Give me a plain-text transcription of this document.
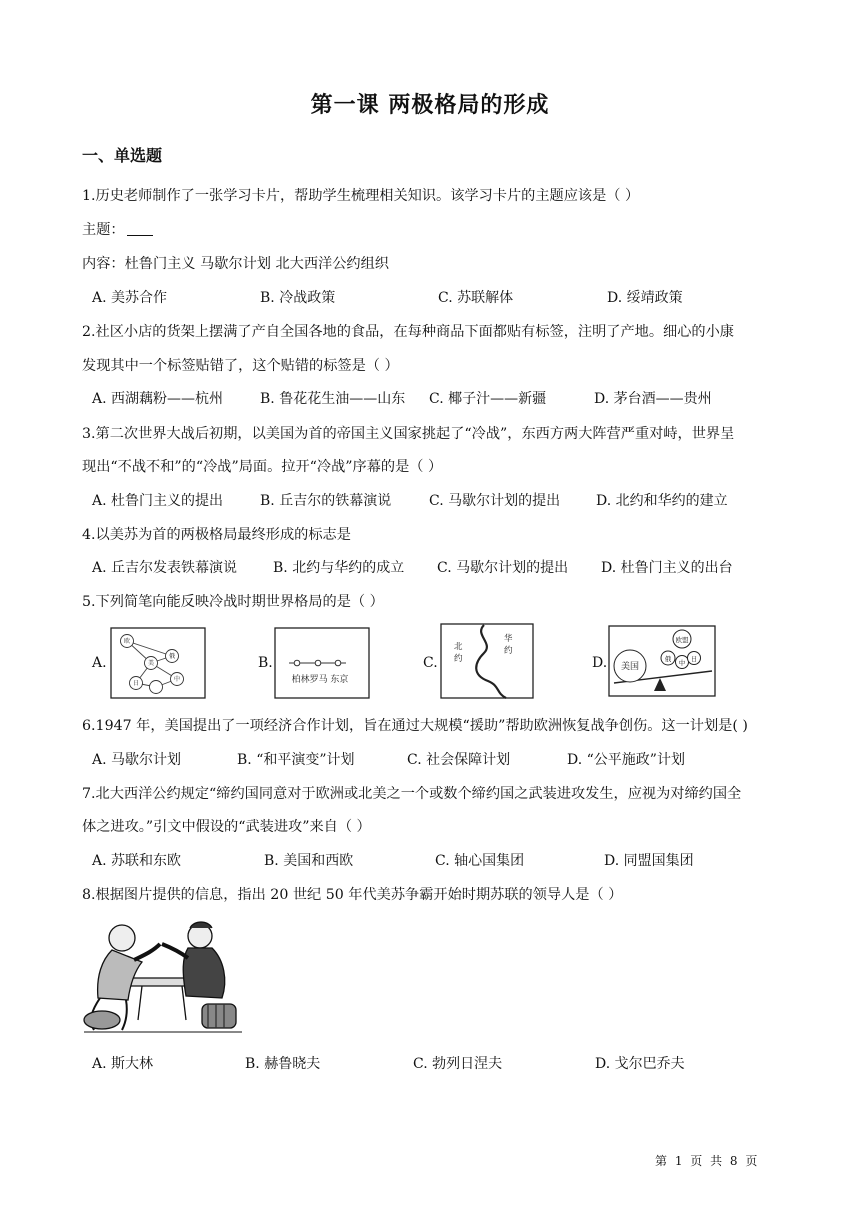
第一课 两极格局的形成
一、单选题
1.历史老师制作了一张学习卡片，帮助学生梳理相关知识。该学习卡片的主题应该是（ ）
主题：
内容：杜鲁门主义 马歇尔计划 北大西洋公约组织
A. 美苏合作	B. 冷战政策	C. 苏联解体	D. 绥靖政策
2.社区小店的货架上摆满了产自全国各地的食品，在每种商品下面都贴有标签，注明了产地。细心的小康
发现其中一个标签贴错了，这个贴错的标签是（ ）
A. 西湖藕粉——杭州	B. 鲁花花生油——山东 C. 椰子汁——新疆	D. 茅台酒——贵州
3.第二次世界大战后初期，以美国为首的帝国主义国家挑起了“冷战”，东西方两大阵营严重对峙，世界呈
现出“不战不和”的“冷战”局面。拉开“冷战”序幕的是（ ）
A. 杜鲁门主义的提出	B. 丘吉尔的铁幕演说	C. 马歇尔计划的提出	D. 北约和华约的建立
4.以美苏为首的两极格局最终形成的标志是
A. 丘吉尔发表铁幕演说	B. 北约与华约的成立 C. 马歇尔计划的提出 D. 杜鲁门主义的出台
5.下列简笔向能反映冷战时期世界格局的是（ ）
A.	B.	C.	D.
欧
美
俄
日
中	柏林罗马 东京
北
约
华
约
美国
欧盟
俄 中 日
6.1947 年，美国提出了一项经济合作计划，旨在通过大规模“援助”帮助欧洲恢复战争创伤。这一计划是( )
A. 马歇尔计划	B. “和平演变”计划	C. 社会保障计划	D. “公平施政”计划
7.北大西洋公约规定“缔约国同意对于欧洲或北美之一个或数个缔约国之武装进攻发生，应视为对缔约国全
体之进攻。”引文中假设的“武装进攻”来自（ ）
A. 苏联和东欧	B. 美国和西欧	C. 轴心国集团	D. 同盟国集团
8.根据图片提供的信息，指出 20 世纪 50 年代美苏争霸开始时期苏联的领导人是（ ）
A. 斯大林	B. 赫鲁晓夫	C. 勃列日涅夫	D. 戈尔巴乔夫
第 1 页 共 8 页
